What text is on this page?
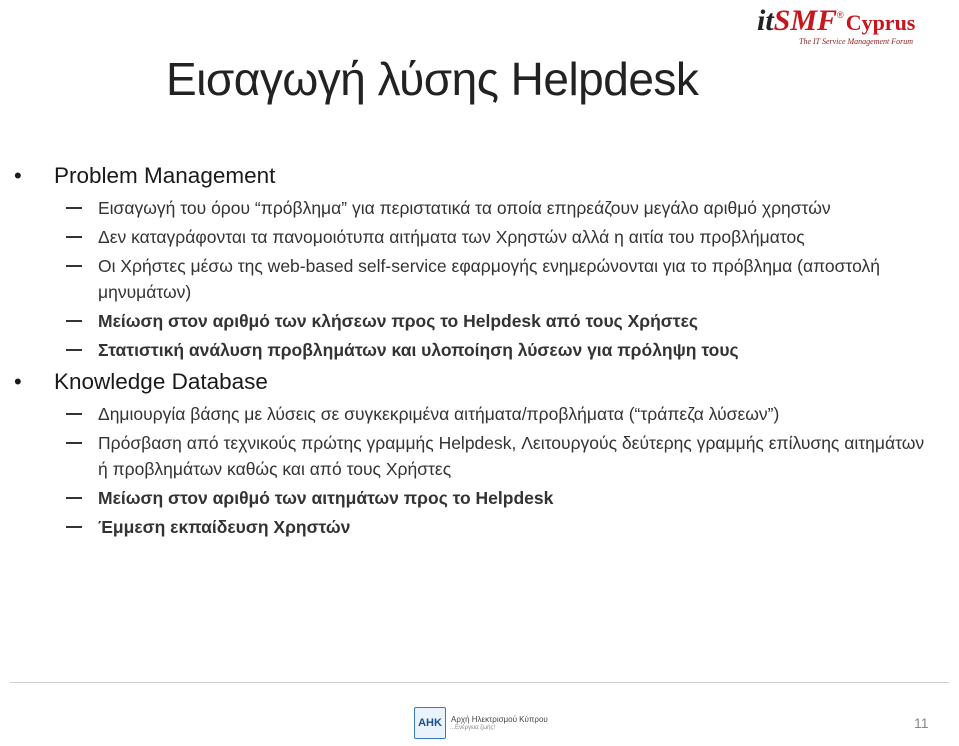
it SMF ® Cyprus
The IT Service Management Forum
Εισαγωγή λύσης Helpdesk
• Problem Management
Εισαγωγή του όρου “πρόβλημα” για περιστατικά τα οποία επηρεάζουν μεγάλο αριθμό χρηστών
Δεν καταγράφονται τα πανομοιότυπα αιτήματα των Χρηστών αλλά η αιτία του προβλήματος
Οι Χρήστες μέσω της web-based self-service εφαρμογής ενημερώνονται για το πρόβλημα (αποστολή μηνυμάτων)
Μείωση στον αριθμό των κλήσεων προς το Helpdesk από τους Χρήστες
Στατιστική ανάλυση προβλημάτων και υλοποίηση λύσεων για πρόληψη τους
• Knowledge Database
Δημιουργία βάσης με λύσεις σε συγκεκριμένα αιτήματα/προβλήματα (“τράπεζα λύσεων”)
Πρόσβαση από τεχνικούς πρώτης γραμμής Helpdesk, Λειτουργούς δεύτερης γραμμής επίλυσης αιτημάτων ή προβλημάτων καθώς και από τους Χρήστες
Μείωση στον αριθμό των αιτημάτων προς το Helpdesk
Έμμεση εκπαίδευση Χρηστών
ΑΗΚ	Αρχή Ηλεκτρισμού Κύπρου
...Ενέργεια ζωής!	11
